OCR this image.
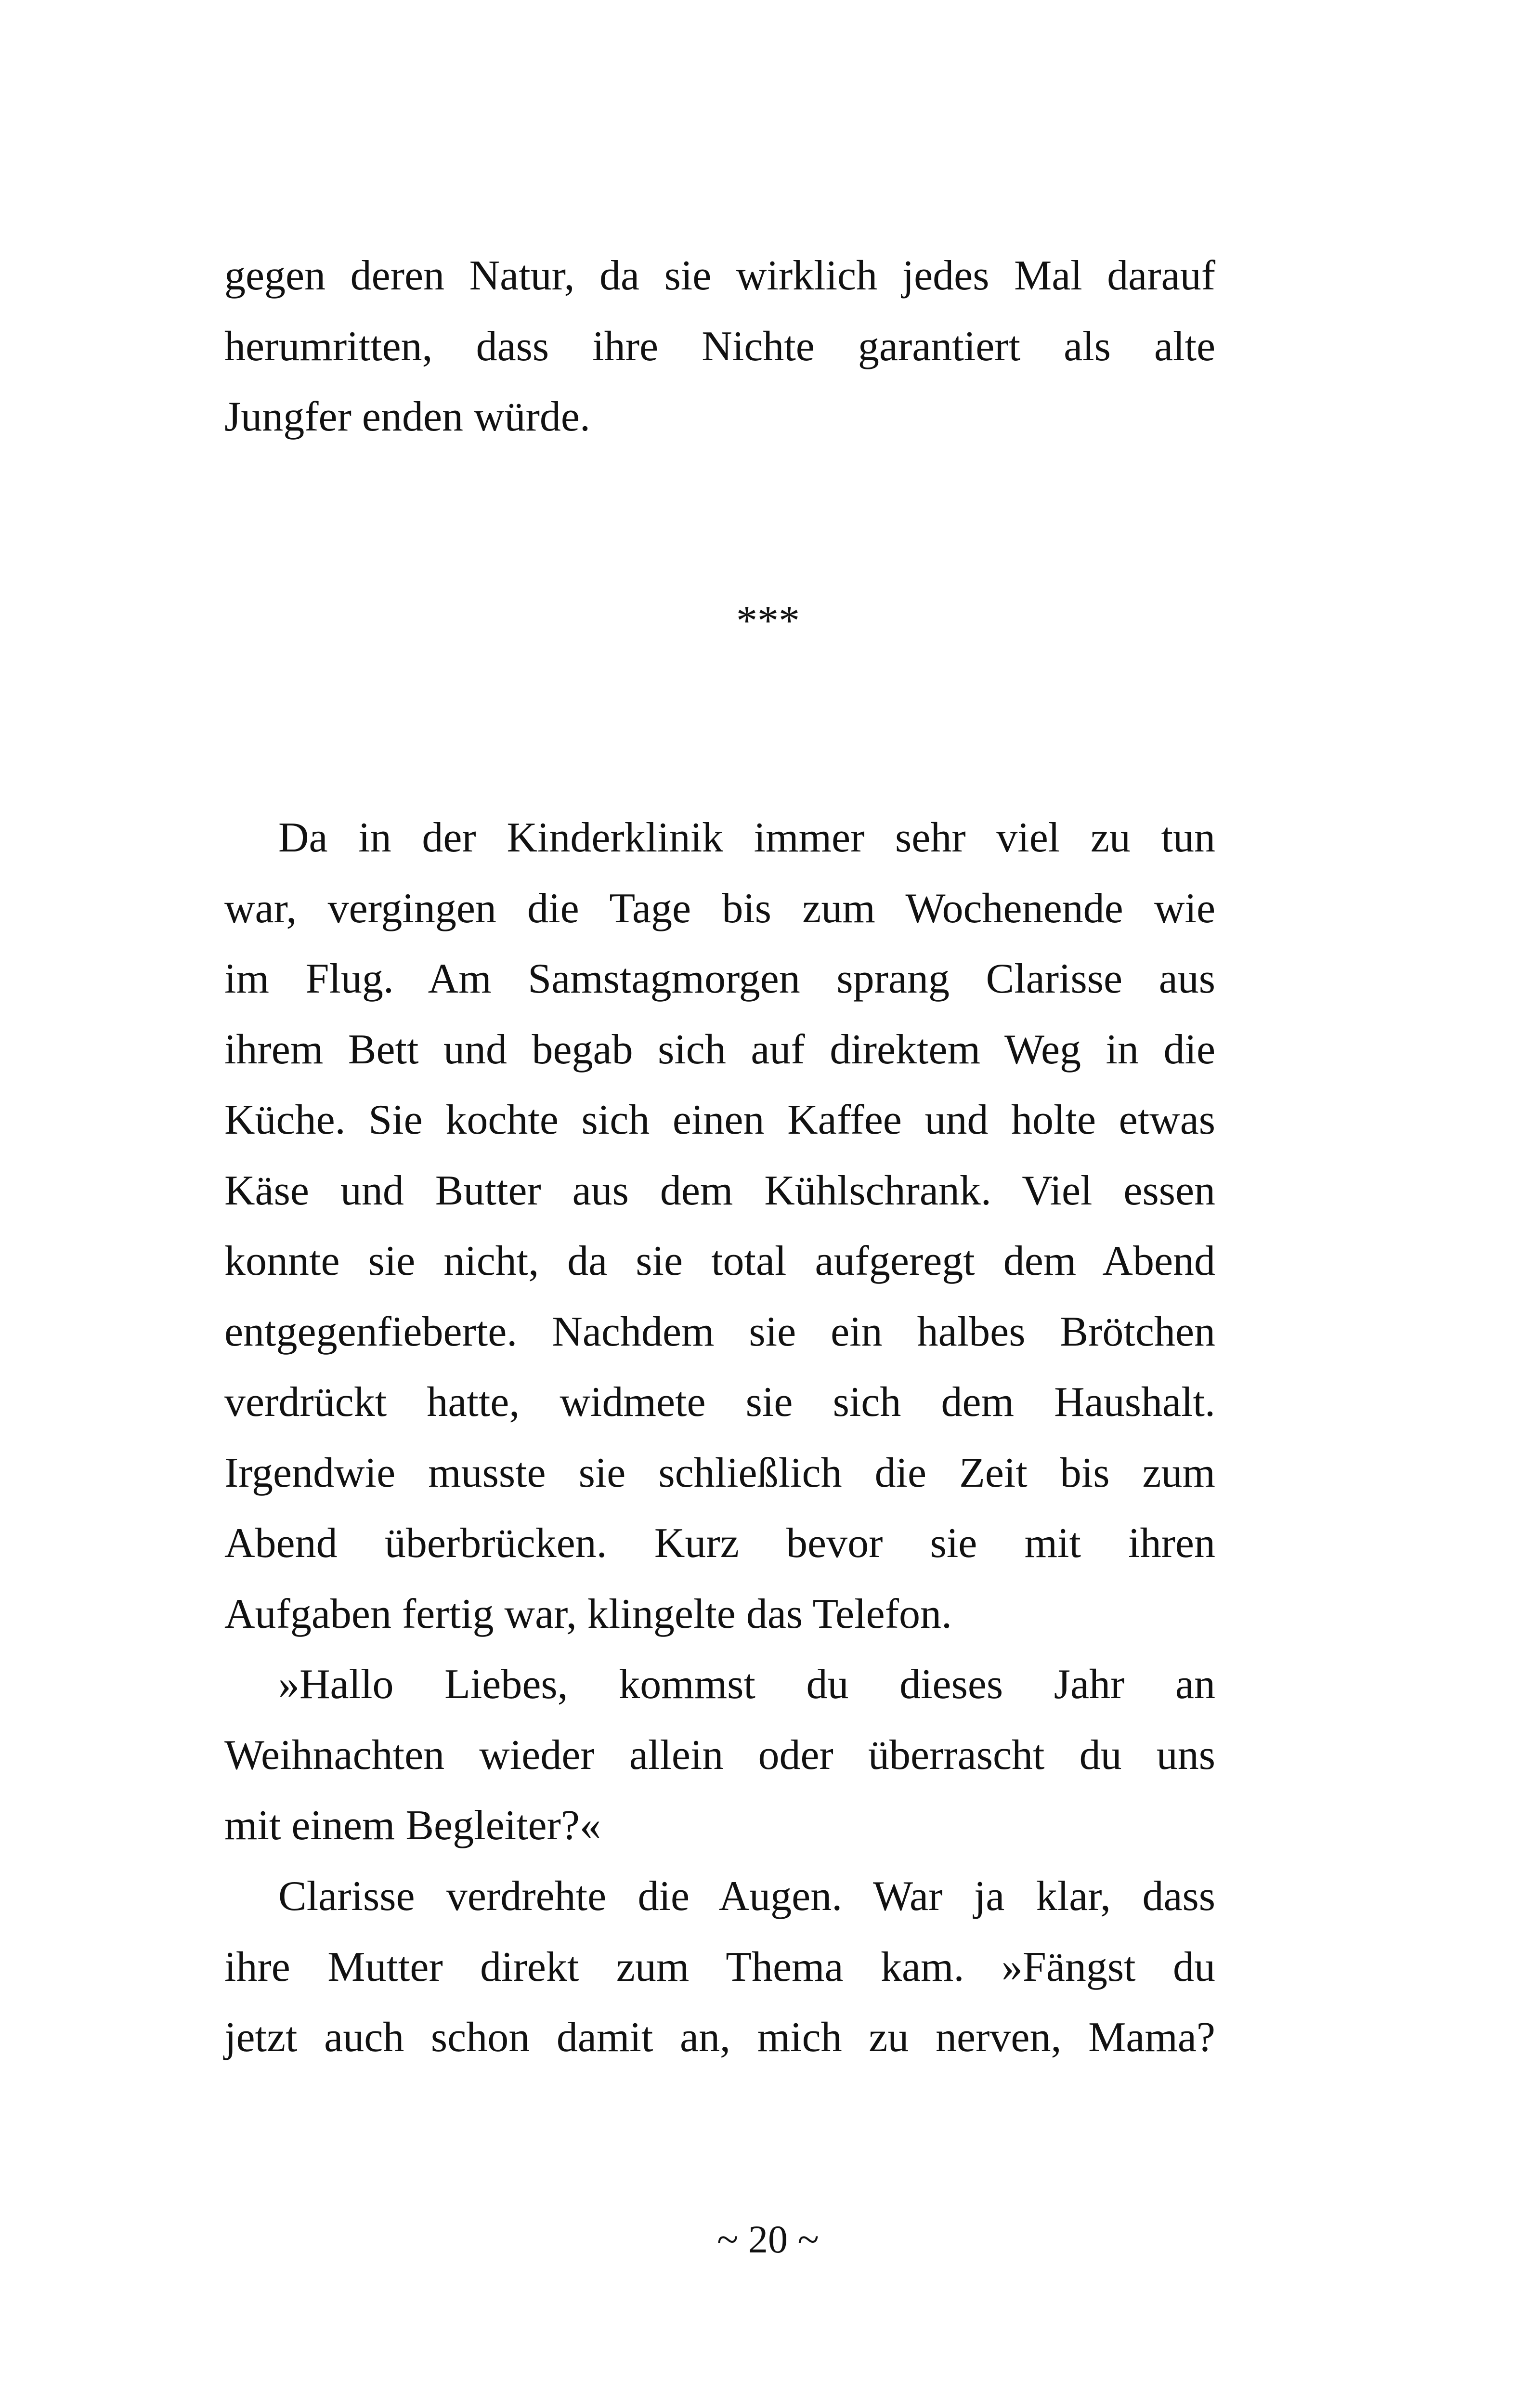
gegen deren Natur, da sie wirklich jedes Mal darauf
herumritten, dass ihre Nichte garantiert als alte
Jungfer enden würde.
***
Da in der Kinderklinik immer sehr viel zu tun
war, vergingen die Tage bis zum Wochenende wie
im Flug. Am Samstagmorgen sprang Clarisse aus
ihrem Bett und begab sich auf direktem Weg in die
Küche. Sie kochte sich einen Kaffee und holte etwas
Käse und Butter aus dem Kühlschrank. Viel essen
konnte sie nicht, da sie total aufgeregt dem Abend
entgegenfieberte. Nachdem sie ein halbes Brötchen
verdrückt hatte, widmete sie sich dem Haushalt.
Irgendwie musste sie schließlich die Zeit bis zum
Abend überbrücken. Kurz bevor sie mit ihren
Aufgaben fertig war, klingelte das Telefon.
»Hallo Liebes, kommst du dieses Jahr an
Weihnachten wieder allein oder überrascht du uns
mit einem Begleiter?«
Clarisse verdrehte die Augen. War ja klar, dass
ihre Mutter direkt zum Thema kam. »Fängst du
jetzt auch schon damit an, mich zu nerven, Mama?
~ 20 ~
